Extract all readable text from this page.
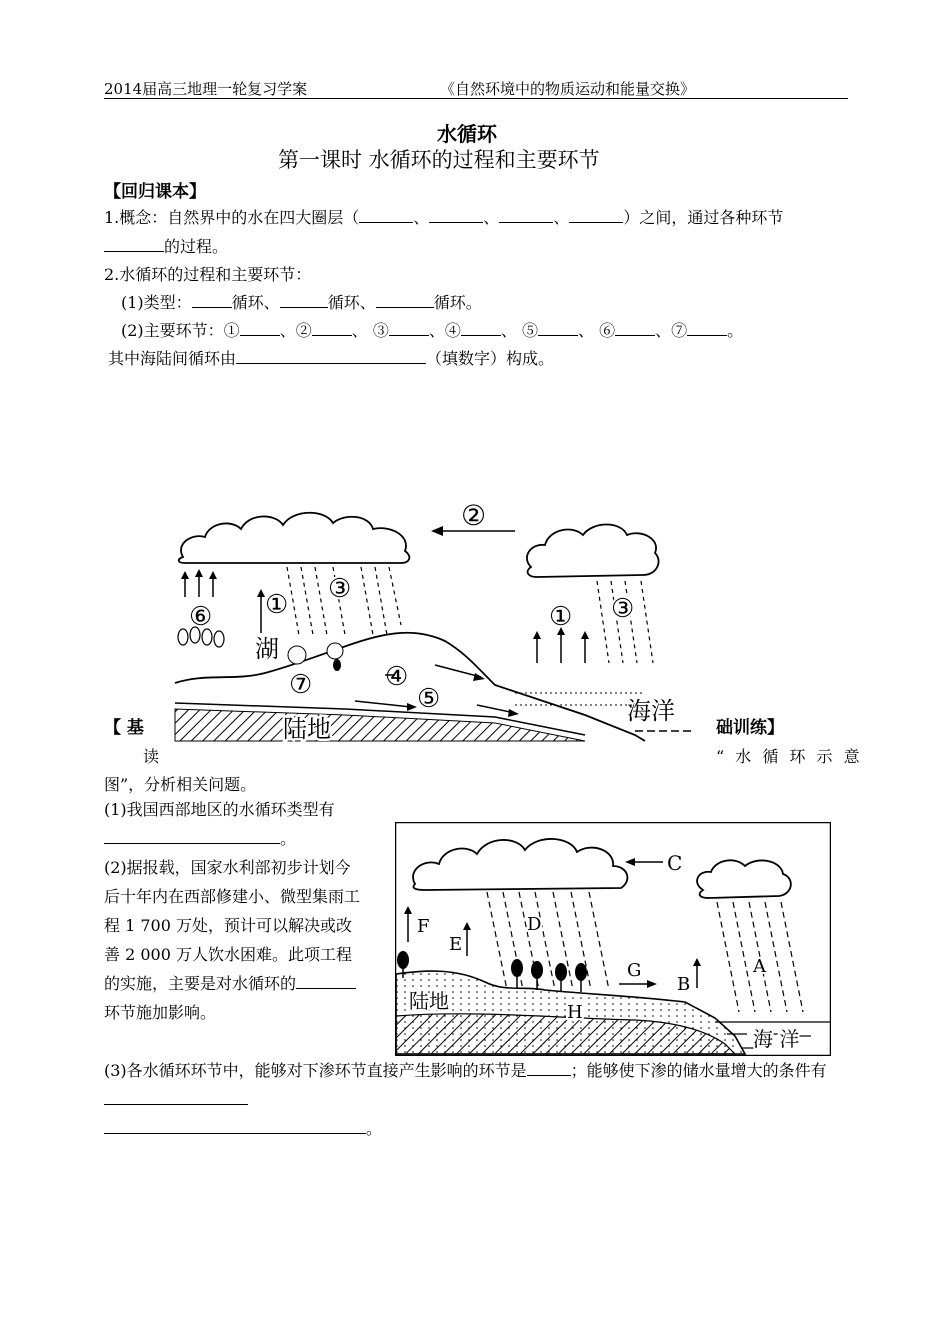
2014届高三地理一轮复习学案	《自然环境中的物质运动和能量交换》
水循环
第一课时 水循环的过程和主要环节
【回归课本】
1.概念：自然界中的水在四大圈层（	、	、	、	）之间，通过各种环节
的过程。
2.水循环的过程和主要环节：
(1)类型：	循环、	循环、	循环。
(2)主要环节：①	、②	、 ③	、④	、 ⑤	、 ⑥	、⑦	。
其中海陆间循环由	（填数字）构成。
②
⑥ ①
③
① ③
湖
④
⑤
⑦
海洋
陆地
【 基	础训练】
读	“ 水 循 环 示 意
图”，分析相关问题。
(1)我国西部地区的水循环类型有。
(2)据报载，国家水利部初步计划今后十年内在西部修建小、微型集雨工程 1 700 万处，预计可以解决或改善 2 000 万人饮水困难。此项工程的实施，主要是对水循环的环节施加影响。
(3)各水循环环节中，能够对下渗环节直接产生影响的环节是	；能够使下渗的储水量增大的条件有
。
C
D
A
F
E
B
G
陆地	H
海 洋
